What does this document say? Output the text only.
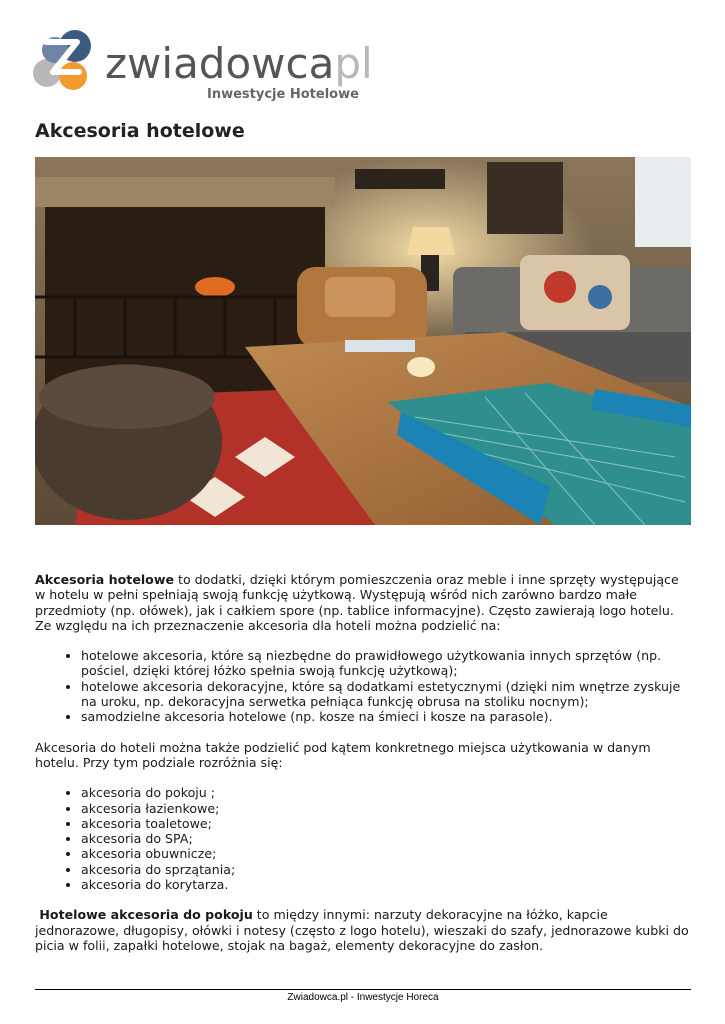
zwiadowcapl
Inwestycje Hotelowe
Akcesoria hotelowe

Akcesoria hotelowe to dodatki, dzięki którym pomieszczenia oraz meble i inne sprzęty występujące w hotelu w pełni spełniają swoją funkcję użytkową. Występują wśród nich zarówno bardzo małe przedmioty (np. ołówek), jak i całkiem spore (np. tablice informacyjne). Często zawierają logo hotelu. Ze względu na ich przeznaczenie akcesoria dla hoteli można podzielić na:

• hotelowe akcesoria, które są niezbędne do prawidłowego użytkowania innych sprzętów (np. pościel, dzięki której łóżko spełnia swoją funkcję użytkową);
• hotelowe akcesoria dekoracyjne, które są dodatkami estetycznymi (dzięki nim wnętrze zyskuje na uroku, np. dekoracyjna serwetka pełniąca funkcję obrusa na stoliku nocnym);
• samodzielne akcesoria hotelowe (np. kosze na śmieci i kosze na parasole).

Akcesoria do hoteli można także podzielić pod kątem konkretnego miejsca użytkowania w danym hotelu. Przy tym podziale rozróżnia się:

• akcesoria do pokoju ;
• akcesoria łazienkowe;
• akcesoria toaletowe;
• akcesoria do SPA;
• akcesoria obuwnicze;
• akcesoria do sprzątania;
• akcesoria do korytarza.

Hotelowe akcesoria do pokoju to między innymi: narzuty dekoracyjne na łóżko, kapcie jednorazowe, długopisy, ołówki i notesy (często z logo hotelu), wieszaki do szafy, jednorazowe kubki do picia w folii, zapałki hotelowe, stojak na bagaż, elementy dekoracyjne do zasłon.

Zwiadowca.pl - Inwestycje Horeca
